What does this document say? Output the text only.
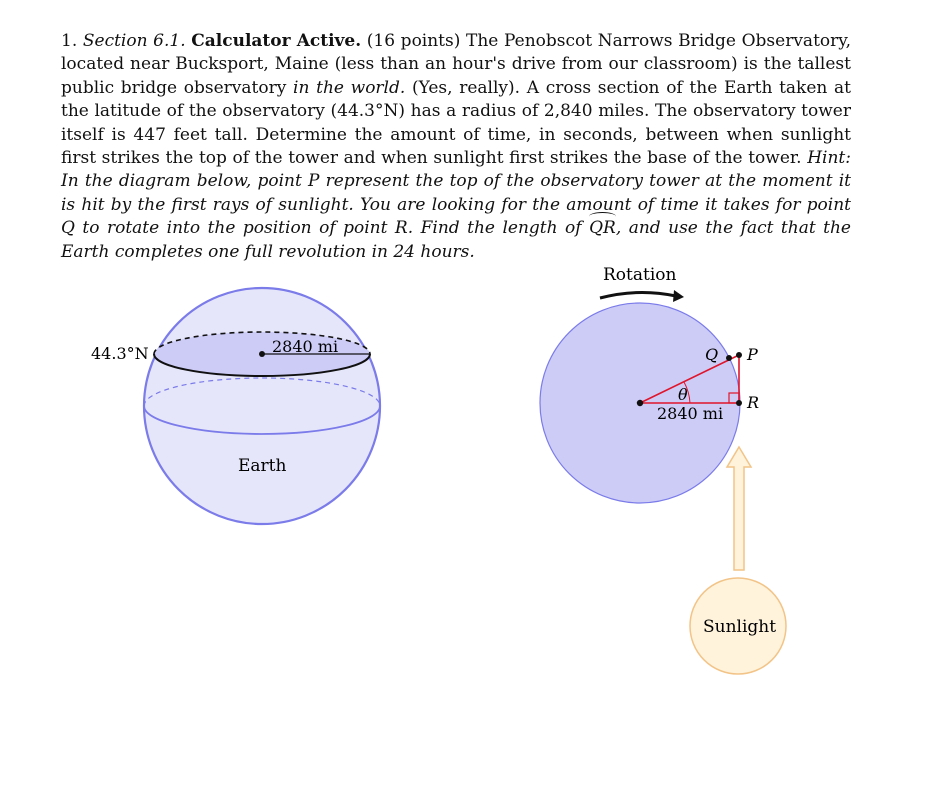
1. Section 6.1. Calculator Active. (16 points) The Penobscot Narrows Bridge Observatory, located near Bucksport, Maine (less than an hour's drive from our classroom) is the tallest public bridge observatory in the world. (Yes, really). A cross section of the Earth taken at the latitude of the observatory (44.3°N) has a radius of 2,840 miles. The observatory tower itself is 447 feet tall. Determine the amount of time, in seconds, between when sunlight first strikes the top of the tower and when sunlight first strikes the base of the tower. Hint: In the diagram below, point P represent the top of the observatory tower at the moment it is hit by the first rays of sunlight. You are looking for the amount of time it takes for point Q to rotate into the position of point R. Find the length of QR, and use the fact that the Earth completes one full revolution in 24 hours.
44.3°N	2840 mi
Earth
Rotation
Q P
R
θ
2840 mi
Sunlight
